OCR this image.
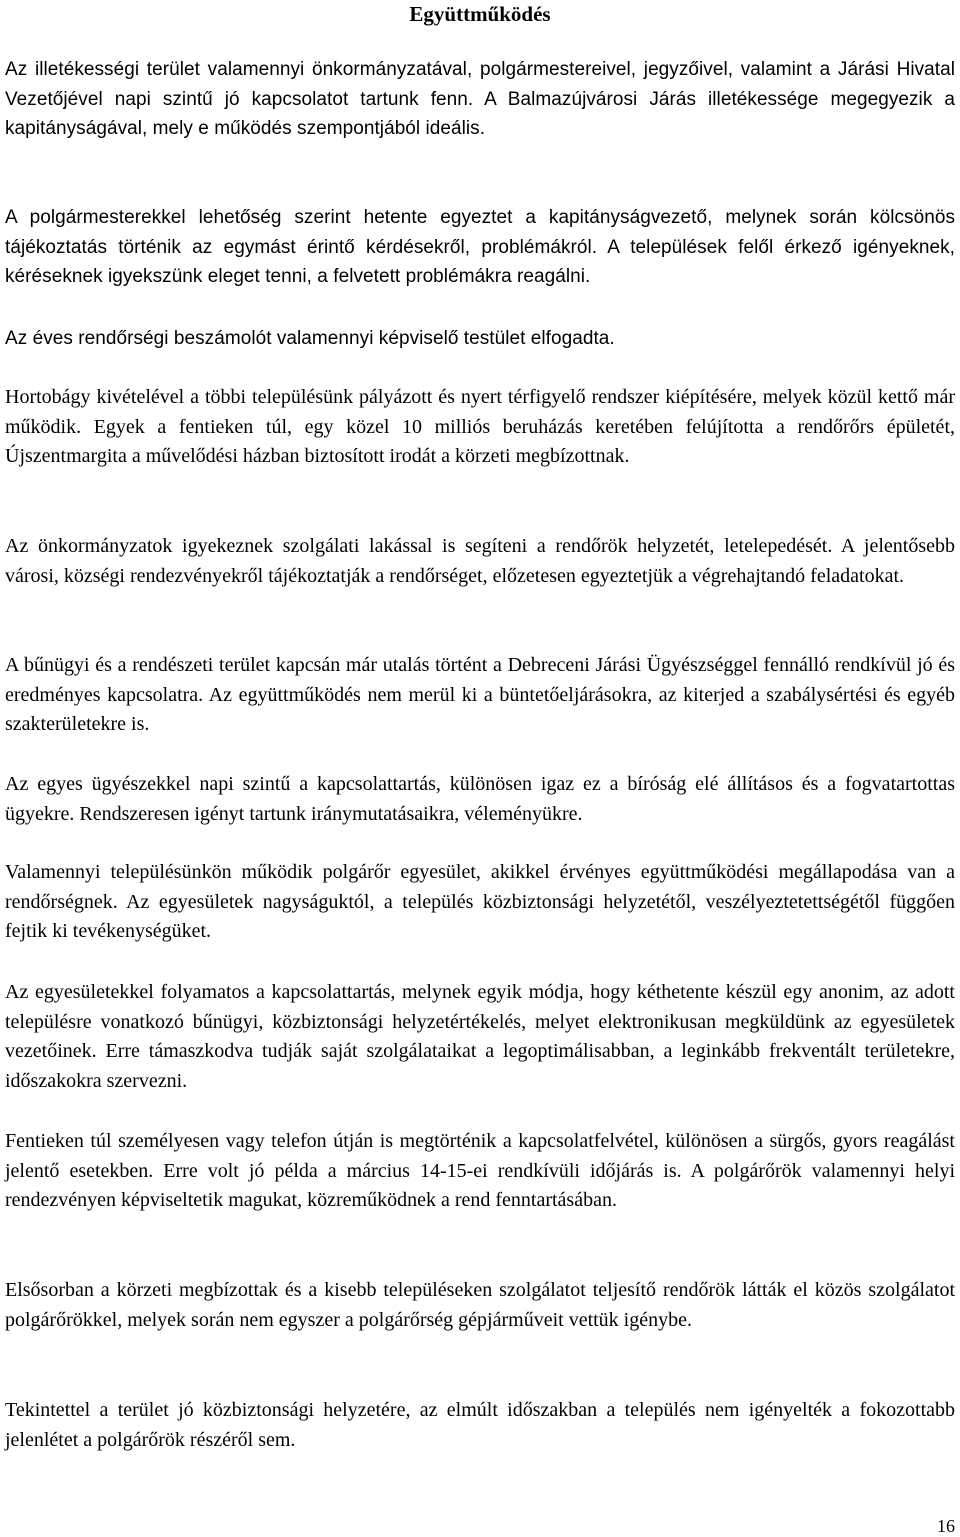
Együttműködés

Az illetékességi terület valamennyi önkormányzatával, polgármestereivel, jegyzőivel, valamint a Járási Hivatal Vezetőjével napi szintű jó kapcsolatot tartunk fenn. A Balmazújvárosi Járás illetékessége megegyezik a kapitányságával, mely e működés szempontjából ideális.

A polgármesterekkel lehetőség szerint hetente egyeztet a kapitányságvezető, melynek során kölcsönös tájékoztatás történik az egymást érintő kérdésekről, problémákról. A települések felől érkező igényeknek, kéréseknek igyekszünk eleget tenni, a felvetett problémákra reagálni.

Az éves rendőrségi beszámolót valamennyi képviselő testület elfogadta.

Hortobágy kivételével a többi településünk pályázott és nyert térfigyelő rendszer kiépítésére, melyek közül kettő már működik. Egyek a fentieken túl, egy közel 10 milliós beruházás keretében felújította a rendőrőrs épületét, Újszentmargita a művelődési házban biztosított irodát a körzeti megbízottnak.

Az önkormányzatok igyekeznek szolgálati lakással is segíteni a rendőrök helyzetét, letelepedését. A jelentősebb városi, községi rendezvényekről tájékoztatják a rendőrséget, előzetesen egyeztetjük a végrehajtandó feladatokat.

A bűnügyi és a rendészeti terület kapcsán már utalás történt a Debreceni Járási Ügyészséggel fennálló rendkívül jó és eredményes kapcsolatra. Az együttműködés nem merül ki a büntetőeljárásokra, az kiterjed a szabálysértési és egyéb szakterületekre is.

Az egyes ügyészekkel napi szintű a kapcsolattartás, különösen igaz ez a bíróság elé állításos és a fogvatartottas ügyekre. Rendszeresen igényt tartunk iránymutatásaikra, véleményükre.

Valamennyi településünkön működik polgárőr egyesület, akikkel érvényes együttműködési megállapodása van a rendőrségnek. Az egyesületek nagyságuktól, a település közbiztonsági helyzetétől, veszélyeztetettségétől függően fejtik ki tevékenységüket.

Az egyesületekkel folyamatos a kapcsolattartás, melynek egyik módja, hogy kéthetente készül egy anonim, az adott településre vonatkozó bűnügyi, közbiztonsági helyzetértékelés, melyet elektronikusan megküldünk az egyesületek vezetőinek. Erre támaszkodva tudják saját szolgálataikat a legoptimálisabban, a leginkább frekventált területekre, időszakokra szervezni.

Fentieken túl személyesen vagy telefon útján is megtörténik a kapcsolatfelvétel, különösen a sürgős, gyors reagálást jelentő esetekben. Erre volt jó példa a március 14-15-ei rendkívüli időjárás is. A polgárőrök valamennyi helyi rendezvényen képviseltetik magukat, közreműködnek a rend fenntartásában.

Elsősorban a körzeti megbízottak és a kisebb településeken szolgálatot teljesítő rendőrök látták el közös szolgálatot polgárőrökkel, melyek során nem egyszer a polgárőrség gépjárműveit vettük igénybe.

Tekintettel a terület jó közbiztonsági helyzetére, az elmúlt időszakban a település nem igényelték a fokozottabb jelenlétet a polgárőrök részéről sem.

16
